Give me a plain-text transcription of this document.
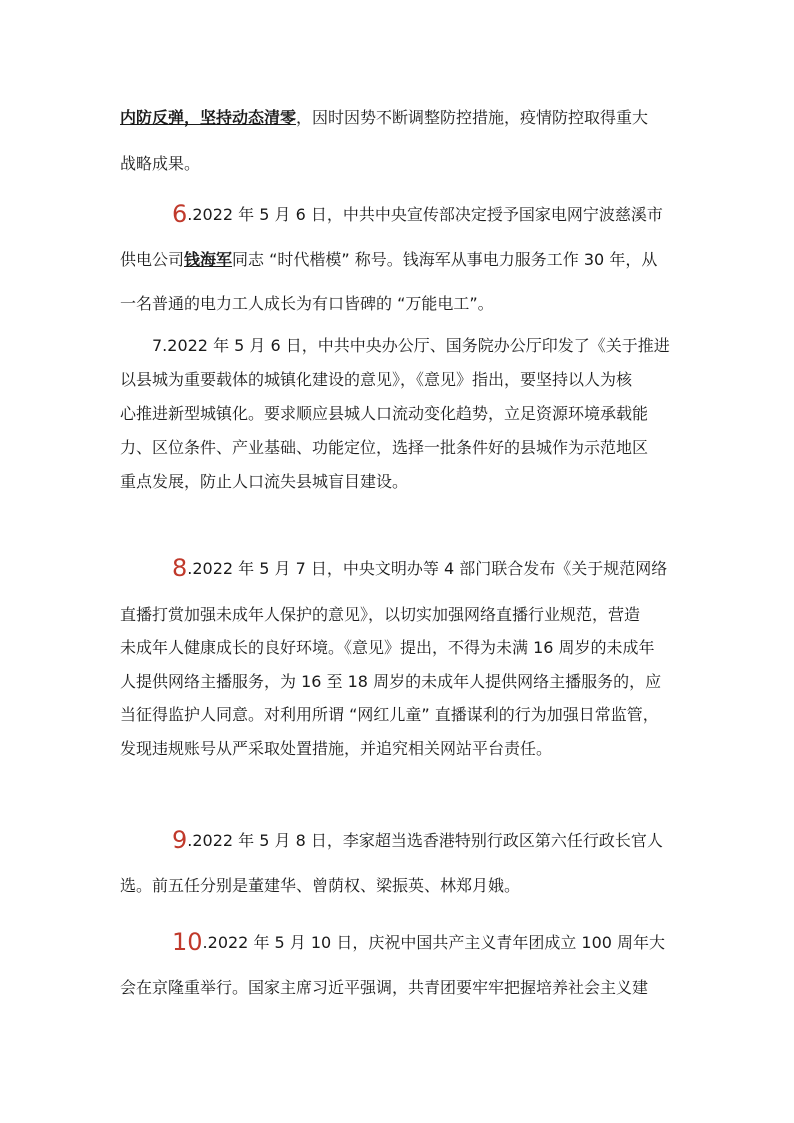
内防反弹，坚持动态清零，因时因势不断调整防控措施，疫情防控取得重大
战略成果。
6.2022 年 5 月 6 日，中共中央宣传部决定授予国家电网宁波慈溪市
供电公司钱海军同志 “时代楷模” 称号。钱海军从事电力服务工作 30 年，从
一名普通的电力工人成长为有口皆碑的 “万能电工”。
7.2022 年 5 月 6 日，中共中央办公厅、国务院办公厅印发了《关于推进
以县城为重要载体的城镇化建设的意见》，《意见》指出，要坚持以人为核
心推进新型城镇化。要求顺应县城人口流动变化趋势，立足资源环境承载能
力、区位条件、产业基础、功能定位，选择一批条件好的县城作为示范地区
重点发展，防止人口流失县城盲目建设。
8.2022 年 5 月 7 日，中央文明办等 4 部门联合发布《关于规范网络
直播打赏加强未成年人保护的意见》，以切实加强网络直播行业规范，营造
未成年人健康成长的良好环境。《意见》提出，不得为未满 16 周岁的未成年
人提供网络主播服务，为 16 至 18 周岁的未成年人提供网络主播服务的，应
当征得监护人同意。对利用所谓 “网红儿童” 直播谋利的行为加强日常监管，
发现违规账号从严采取处置措施，并追究相关网站平台责任。
9.2022 年 5 月 8 日，李家超当选香港特别行政区第六任行政长官人
选。前五任分别是董建华、曾荫权、梁振英、林郑月娥。
10.2022 年 5 月 10 日，庆祝中国共产主义青年团成立 100 周年大
会在京隆重举行。国家主席习近平强调，共青团要牢牢把握培养社会主义建
